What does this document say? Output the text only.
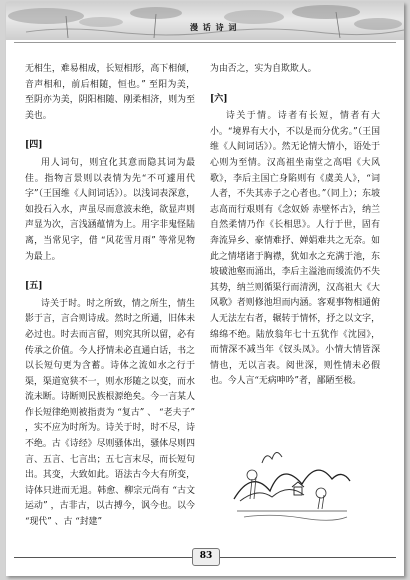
漫 话 诗 词

无相生，难易相成，长短相形，高下相倾，音声相和，前后相随，恒也。” 至阳为美，至阴亦为美，阴阳相随、刚柔相济，则为至美也。

[四]

用人词句，则宜化其意而隐其词为最佳。指物言景则以表情为先“不可遽用代字”（王国维《人间词话》）。以浅词表深意，如投石入水，声虽尽而意波未绝，欲显声则声显为次，言浅涵蕴情为上。用字非鬼怪陆离，当常见字，借 “风花雪月雨” 等常见物为最上。

[五]

诗关于时。时之所致，情之所生，情生影于言，言合则诗成。然时之所通，旧体未必过也。时去而言留，则究其所以留，必有传承之价值。今人抒情未必直通白话，书之以长短句更为含蓄。诗体之流如水之行于渠，渠道宽狭不一，则水形随之以变，而水流未断。诗断则民族根源绝矣。今一言某人作长短律绝则被指责为 “复古” 、 “老夫子” ，实不应为时所为。诗关于时，时不尽，诗不绝。古《诗经》尽则骚体出，骚体尽则四言、五言、七言出；五七言末尽，而长短句出。其变，大致如此。语法古今大有所变，诗体只进而无退。韩愈、柳宗元尚有 “古文运动” ，古非古，以古搏今，讽今也。以今 “现代” 、古 “封建”

为由否之，实为自欺欺人。

[六]

诗关于情。诗者有长短，情者有大小。“境界有大小，不以是而分优劣。”（王国维《人间词话》）。然无论情大情小，语处于心则为至情。汉高祖坐南堂之高唱《大风歌》，李后主国亡身陷则有《虞美人》，“词人者，不失其赤子之心者也。”（同上）；东坡志高而行艰则有《念奴娇 赤壁怀古》，纳兰自然柔情乃作《长相思》。人行于世，固有奔流异乡、豪情难抒、婵娟难共之无奈。如此之情堵诸于胸襟，犹如水之充满于池，东坡破池壑而涌出，李后主溢池而缓流仍不失其势，纳兰则循渠行而清洌，汉高祖大《大风歌》者则修池坦而内涵。客观事物相通俯人无法左右者，辗转于情怀，抒之以文字，绵绵不绝。陆放翁年七十五犹作《沈园》，而情深不减当年《钗头凤》。小情大情皆深情也，无以言表。阅世深，则性情未必假也。今人言“无病呻吟”者，鄙陋至极。

83
